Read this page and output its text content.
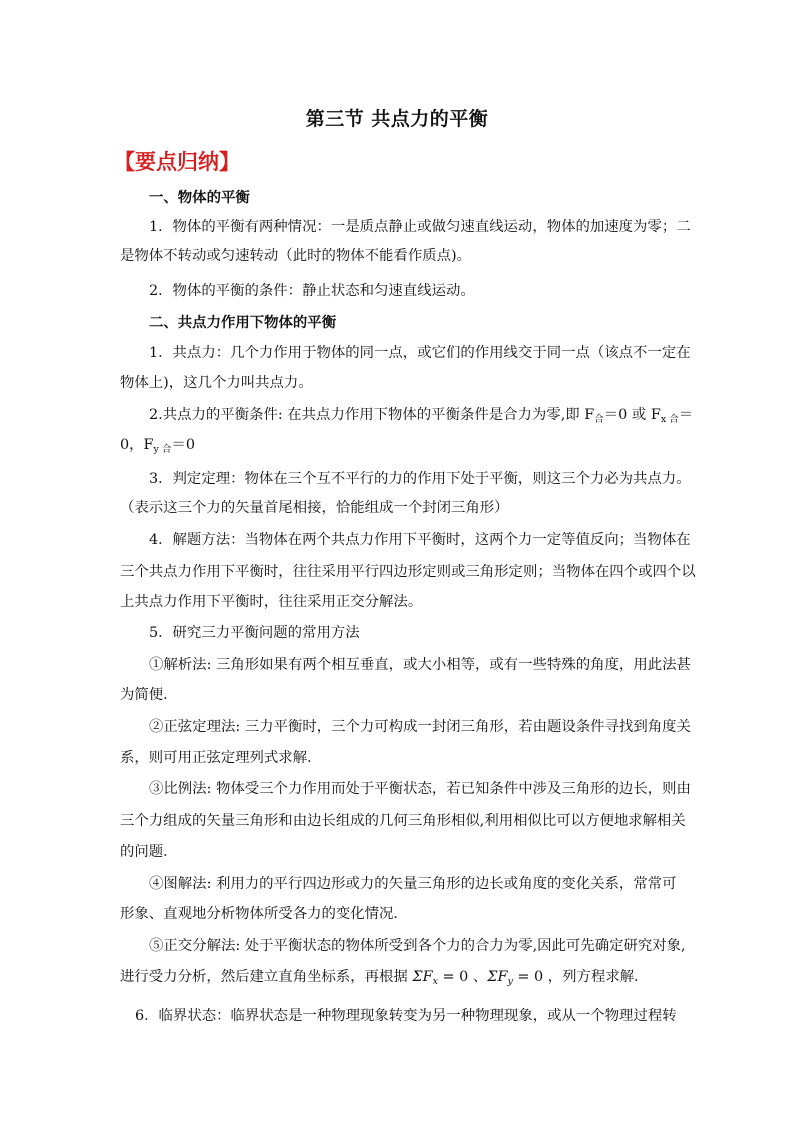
第三节 共点力的平衡
【要点归纳】
一、物体的平衡
1．物体的平衡有两种情况：一是质点静止或做匀速直线运动，物体的加速度为零；二
是物体不转动或匀速转动（此时的物体不能看作质点)。
2．物体的平衡的条件：静止状态和匀速直线运动。
二、共点力作用下物体的平衡
1．共点力：几个力作用于物体的同一点，或它们的作用线交于同一点（该点不一定在
物体上)，这几个力叫共点力。
2.共点力的平衡条件: 在共点力作用下物体的平衡条件是合力为零,即 $F_合=0$ 或 $F_{x 合}=$
0，$F_{y 合}=0$
3．判定定理：物体在三个互不平行的力的作用下处于平衡，则这三个力必为共点力。
（表示这三个力的矢量首尾相接，恰能组成一个封闭三角形）
4．解题方法：当物体在两个共点力作用下平衡时，这两个力一定等值反向；当物体在
三个共点力作用下平衡时，往往采用平行四边形定则或三角形定则；当物体在四个或四个以
上共点力作用下平衡时，往往采用正交分解法。
5．研究三力平衡问题的常用方法
①解析法: 三角形如果有两个相互垂直，或大小相等，或有一些特殊的角度，用此法甚
为简便．
②正弦定理法: 三力平衡时，三个力可构成一封闭三角形，若由题设条件寻找到角度关
系，则可用正弦定理列式求解．
③比例法: 物体受三个力作用而处于平衡状态，若已知条件中涉及三角形的边长，则由
三个力组成的矢量三角形和由边长组成的几何三角形相似,利用相似比可以方便地求解相关
的问题．
④图解法: 利用力的平行四边形或力的矢量三角形的边长或角度的变化关系，常常可
形象、直观地分析物体所受各力的变化情况．
⑤正交分解法: 处于平衡状态的物体所受到各个力的合力为零,因此可先确定研究对象,
进行受力分析，然后建立直角坐标系，再根据 $\Sigma F_x = 0$ 、$\Sigma F_y = 0$ ，列方程求解．
6．临界状态：临界状态是一种物理现象转变为另一种物理现象，或从一个物理过程转
